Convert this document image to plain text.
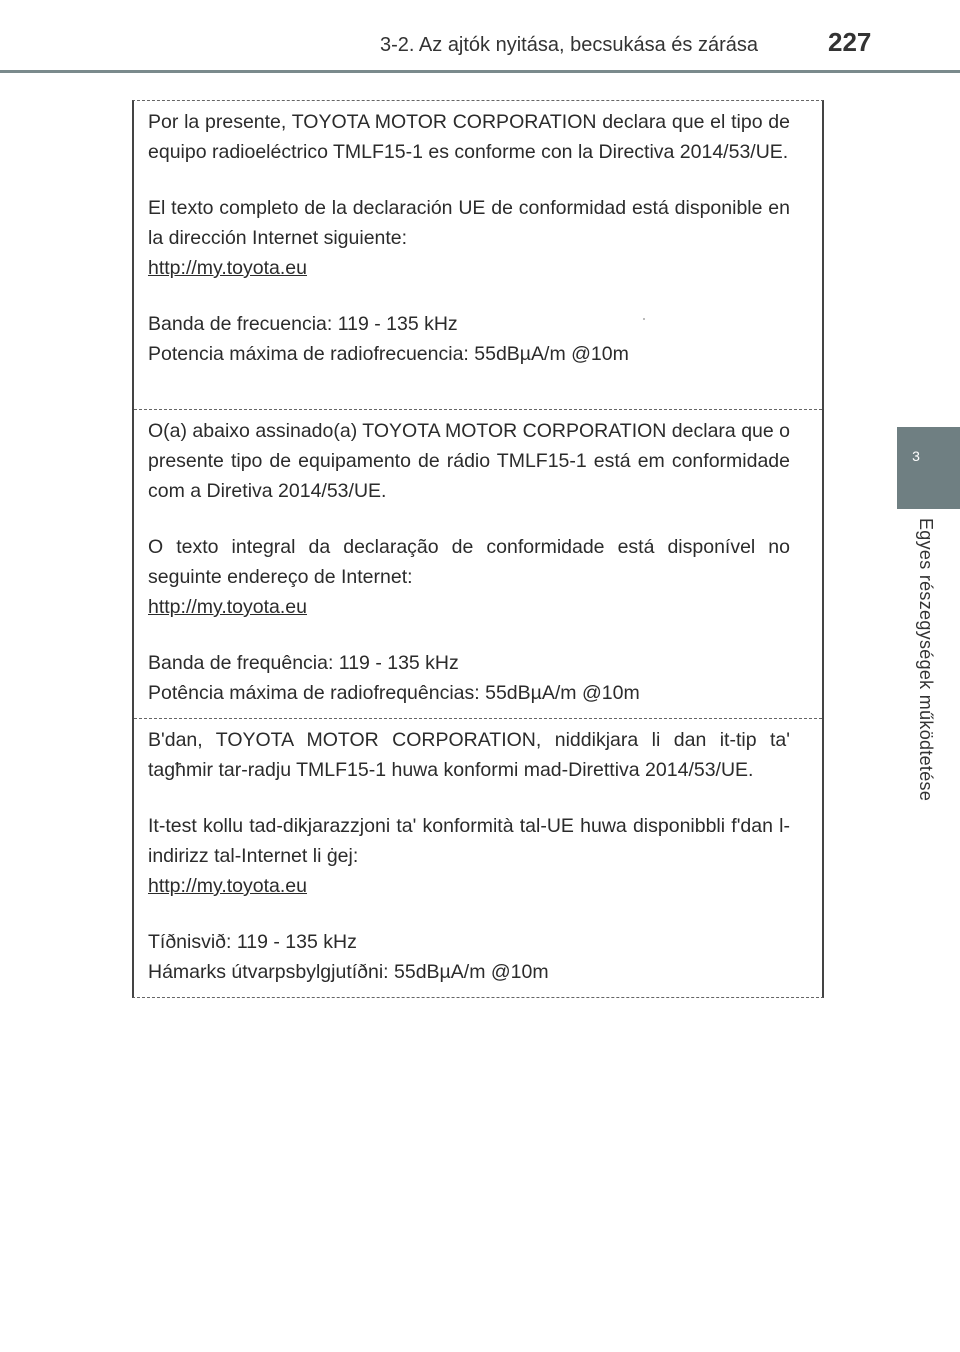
3-2. Az ajtók nyitása, becsukása és zárása	227
3
Egyes részegységek működtetése

Por la presente, TOYOTA MOTOR CORPORATION declara que el tipo de equipo radioeléctrico TMLF15-1 es conforme con la Directiva 2014/53/UE.

El texto completo de la declaración UE de conformidad está disponible en la dirección Internet siguiente:

http://my.toyota.eu
Banda de frecuencia: 119 - 135 kHz
Potencia máxima de radiofrecuencia: 55dBµA/m @10m

O(a) abaixo assinado(a) TOYOTA MOTOR CORPORATION declara que o presente tipo de equipamento de rádio TMLF15-1 está em conformidade com a Diretiva 2014/53/UE.

O texto integral da declaração de conformidade está disponível no seguinte endereço de Internet:

http://my.toyota.eu
Banda de frequência: 119 - 135 kHz
Potência máxima de radiofrequências: 55dBµA/m @10m

B'dan, TOYOTA MOTOR CORPORATION, niddikjara li dan it-tip ta' tagħmir tar-radju TMLF15-1 huwa konformi mad-Direttiva 2014/53/UE.

It-test kollu tad-dikjarazzjoni ta' konformità tal-UE huwa disponibbli f'dan l-indirizz tal-Internet li ġej:

http://my.toyota.eu
Tíðnisvið: 119 - 135 kHz
Hámarks útvarpsbylgjutíðni: 55dBµA/m @10m
